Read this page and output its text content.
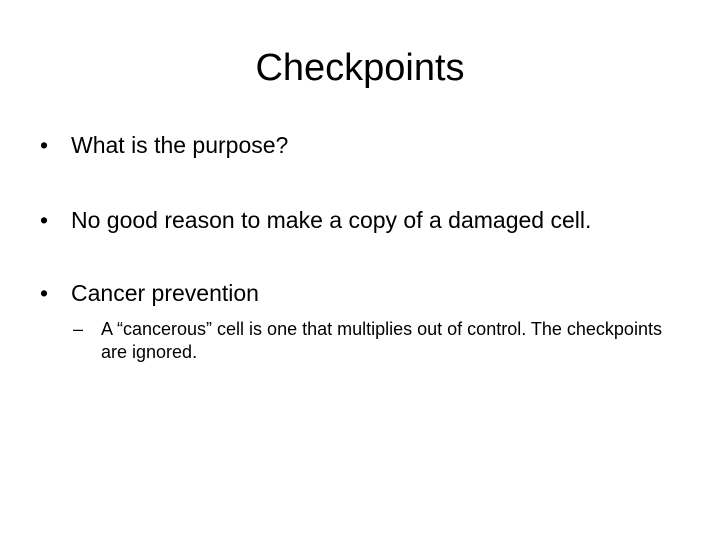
Checkpoints
• What is the purpose?
• No good reason to make a copy of a damaged cell.
• Cancer prevention
– A “cancerous” cell is one that multiplies out of control. The checkpoints are ignored.
